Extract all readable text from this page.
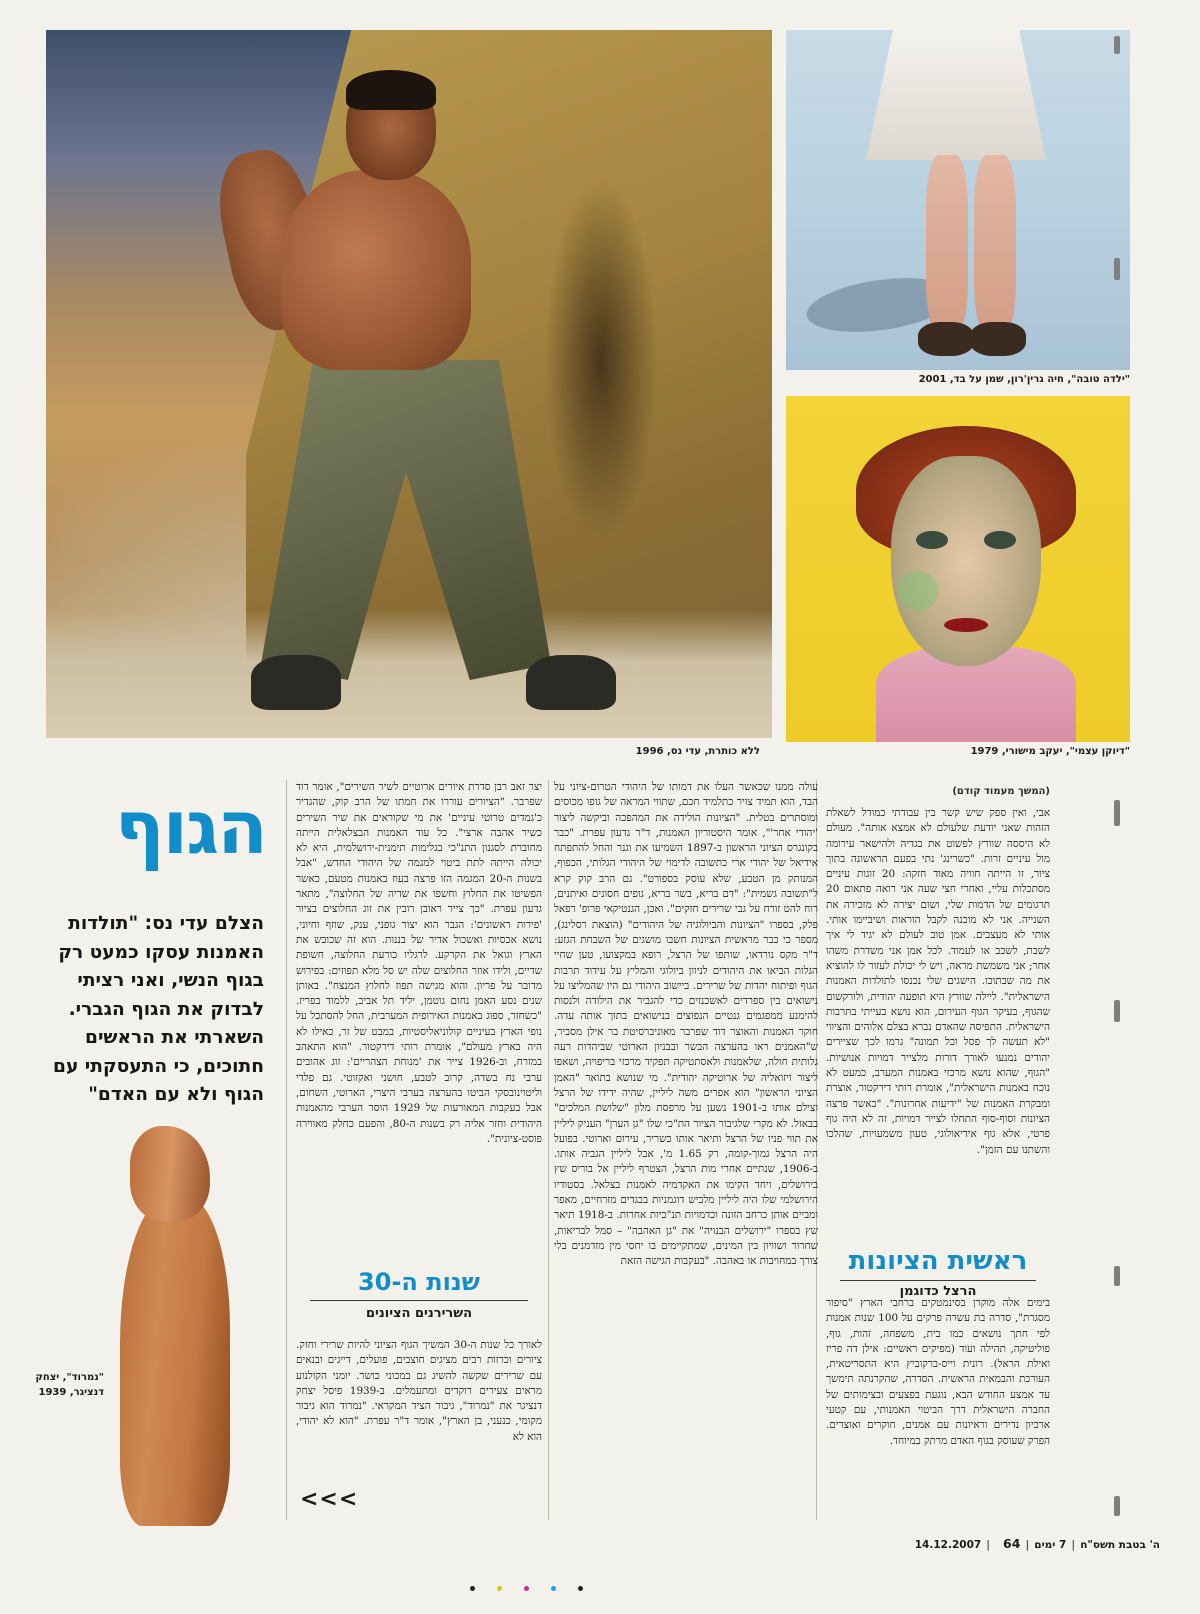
ללא כותרת, עדי נס, 1996
"ילדה טובה", חיה גרין'רון, שמן על בד, 2001
"דיוקן עצמי", יעקב מישורי, 1979
"נמרוד", יצחק דנציגר, 1939
הגוף
הצלם עדי נס: "תולדות האמנות עסקו כמעט רק בגוף הנשי, ואני רציתי לבדוק את הגוף הגברי. השארתי את הראשים חתוכים, כי התעסקתי עם הגוף ולא עם האדם"
(המשך מעמוד קודם)
אבי, ואין ספק שיש קשר בין עבודתי כמודל לשאלת הזהות שאני יודעת שלעולם לא אמצא אותה". מעולם לא היססה שוורץ לפשוט את בגדיה ולהישאר עירומה מול עיניים זרות. "כשרינג' נתי בפעם הראשונה בתוך ציור, זו הייתה חוויה מאוד חזקה: 20 זוגות עיניים מסתכלות עליי, ואחרי חצי שעה אני רואה פתאום 20 תרגומים של הדמות שלי, ושום יצירה לא מזכירה את השנייה. אני לא מוכנה לקבל הוראות ושיביימו אותי. אותי לא מעצבים. אמן טוב לעולם לא יגיד לי איך לשבת, לשכב או לעמוד. לכל אמן אני משדרת משהו אחר; אני משמשת מראה, ויש לי יכולת לעזור לו להוציא את מה שבתוכו. הישגים שלי נכנסו לתולדות האמנות הישראלית". ליילה שוורץ היא תופעה יהודית, ולורקשום שהגוף, בעיקר הגוף העירום, הוא נושא בעייתי בתרבות הישראלית. התפיסה שהאדם נברא בצלם אלוהים והציווי "לא תעשה לך פסל וכל תמונה" גרמו לכך שציירים יהודים נמנעו לאורך דורות מלצייר דמויות אנושיות. "הגוף, שהוא נושא מרכזי באמנות המערב, כמעט לא נוכח באמנות הישראלית", אומרת רותי דירקטור, אוצרת ומבקרת האמנות של "ידיעות אחרונות". "כאשר פרצה הציונות וסוף-סוף התחלו לצייר דמויות, זה לא היה גוף פרטי, אלא גוף אידיאולוגי, טעון משמעויות, שהלכו והשתנו עם הזמן".
ראשית הציונות
הרצל כדוגמן
בימים אלה מוקרן בסינמטקים ברחבי הארץ "סיפור מסגרת", סדרה בת עשרה פרקים על 100 שנות אמנות לפי חתך נושאים כמו בית, משפחה, זהות, גוף, פוליטיקה, תהילה ועוד (מפיקים ראשיים: אילן דה פריז ואילת הראל). רונית וייס-ברקוביץ היא התסריטאית, העורכת והבמאית הראשית. הסדרה, שהקרנתה תימשך עד אמצע החודש הבא, נוגעת בפצעים ובצימותים של החברה הישראלית דרך הביטוי האמנותי, עם קטעי ארכיון נדירים וראיונות עם אמנים, חוקרים ואוצרים. הפרק שעוסק בגוף האדם מרתק במיוחד.
עולה ממנו שכאשר העלו את דמותו של היהודי הטרום-ציוני על הבד, הוא תמיד צויר כתלמיד חכם, שתווי המראה של גופו מכוסים ומוסתרים בטלית. "הציונות הולידה את המהפכה וביקשה ליצור 'יהודי אחר'", אומר היסטוריון האמנות, ד"ר גדעון עפרת. "כבר בקונגרס הציוני הראשון ב-1897 השמיעו את וגנר והחל להתפתח אידיאל של יהודי ארי כתשובה לדימוי של היהודי הגלותי, הכפוף, המנותק מן הטבע, שלא עוסק בספורט". גם הרב קוק קרא ל"תשובה גשמית": "דם בריא, בשר בריא, גופים חסונים ואיתנים, רוח להט זורח על גבי שרירים חזקים". ואכן, הגנטיקאי פרופ' רפאל פלק, בספרו "הציונות והביולוגיה של היהודים" (הוצאת רסלינג), מספר כי כבר מראשית הציונות חשבו מושגים של השבחת הגזע: ד"ר מקס נורדאו, שותפו של הרצל, רופא במקצועו, טען שחיי הגלות הביאו את היהודים לניוון ביולוגי והמליץ על עידוד תרבות הגוף ופיתוח יהדות של שרירים. ביישוב היהודי גם היו שהמליצו על נישואים בין ספרדים לאשכנזים כדי להגביר את הילודה ולנסות להימנע ממפגמים גנטיים הנפוצים בנישואים בתוך אותה עדה. חוקר האמנות והאוצר דוד שפרבר מאוניברסיטת בר אילן מסביר, ש"האמנים ראו בהערצה הבשר ובבניון הארוטי שביהדות רעה גלותית חולה, שלאמנות ולאסתטיקה תפקיד מרכזי בריפויה, ושאפו ליצור ויזואליה של ארוטיקה יהודית". מי שנושא בתואר "האמן הציוני הראשון" הוא אפרים משה ליליין, שהיה ידידו של הרצל וצילם אותו ב-1901 נשען על מרפסת מלון "שלושת המלכים" בבאזל. לא מקרי שלגיבור הציור הת"כי שלו "גן הערן" העניק ליליין את תווי פניו של הרצל ותיאר אותו כשריר, עירום וארוטי. בפועל היה הרצל גמוך-קומה, רק 1.65 מ', אבל ליליין הגביה אותו. ב-1906, שנתיים אחרי מות הרצל, הצטרף ליליין אל בוריס שץ בירושלים, ויחד הקימו את האקדמיה לאמנות בצלאל. בסטודיו הירושלמי שלו היה ליליין מלביש דוגמניות בבגדים מזרחיים, מאפר ומביים אותן כרחב הזונה וכדמויות תנ"כיות אחרות. ב-1918 תיאר שץ בספרו "ירושלים הבנויה" את "גן האהבה" – סמל לבריאות, שחרור ושוויון בין המינים, שמתקיימים בו יחסי מין מזדמנים בלי צורך במחויבות או באהבה. "בעקבות הגישה הזאת
יצר זאב רבן סדרת איורים ארוטיים לשיר השירים", אומר דוד שפרבר. "הציורים עוררו את חמתו של הרב קוק, שהגדיר כ'גמדים טרוטי עיניים' את מי שקוראים את שיר השירים כשיר אהבה ארצי". כל עוד האמנות הבצלאלית הייתה מחוברת לסגנון התנ"כי בגלימות תימנית-ירושלמית, היא לא יכולה הייתה לתת ביטוי למגמה של היהודי החדש, "אבל בשנות ה-20 המגמה הזו פרצה בעוז באמנות מטעם, כאשר הפשיטו את החלוץ וחשפו את שדיה של החלוצה", מתאר גדעון עפרת. "כך צייר ראובן רובין את זוג החלוצים בציור 'פירות ראשונים': הגבר הוא יצור גופני, ענק, שוזף וחיוני, נושא אכסיות ואשכול אדיר של בננות. הוא זה שכובש את הארץ וגואל את הקרקע. לרגליו כורעת החלוצה, חשופת שדיים, ולידו אוזר החלוצים שלה יש סל מלא תפוזים: בפירוש מדובר על פריון. והוא מגישה תפוז לחלוץ המנצח". באותן שנים נסע האמן נחום גוטמן, יליד תל אביב, ללמוד בפריז. "כשחזר, ספוג באמנות האירופית המערבית, החל להסתכל על נופי הארץ בעיניים קולוניאליסטיות, במבט של זר, כאילו לא היה בארץ מעולם", אומרת רותי דירקטור. "הוא התאהב במזרח, וב-1926 צייר את 'מנוחת הצהריים': זוג אהובים ערבי נח בשדה, קרוב לטבע, חושני ואקזוטי. גם פלדי וליטוינובסקי הביטו בהערצה בערבי היצרי, הארוטי, השחום, אבל בעקבות המאורעות של 1929 הוסר הערבי מהאמנות היהודית וחזר אליה רק בשנות ה-80, והפעם כחלק מאווירה פוסט-ציונית".
שנות ה-30
השרירנים הציונים
לאורך כל שנות ה-30 המשיך הגוף הציוני להיות שרירי וחזק. ציורים וכרזות רבים מציגים חוצבים, פועלים, דייגים ובנאים עם שרירים שקשה להשיג גם במכוני כושר. יומני הקולנוע מראים צעירים רוקדים ומתעמלים. ב-1939 פיסל יצחק דנציגר את "נמרוד", גיבור הציד המקראי. "נמרוד הוא גיבור מקומי, כנעני, בן הארץ", אומר ד"ר עפרת. "הוא לא יהודי, הוא לא
<<<
14.12.2007 |	ה' בטבת תשס"ח|7 ימים|64
